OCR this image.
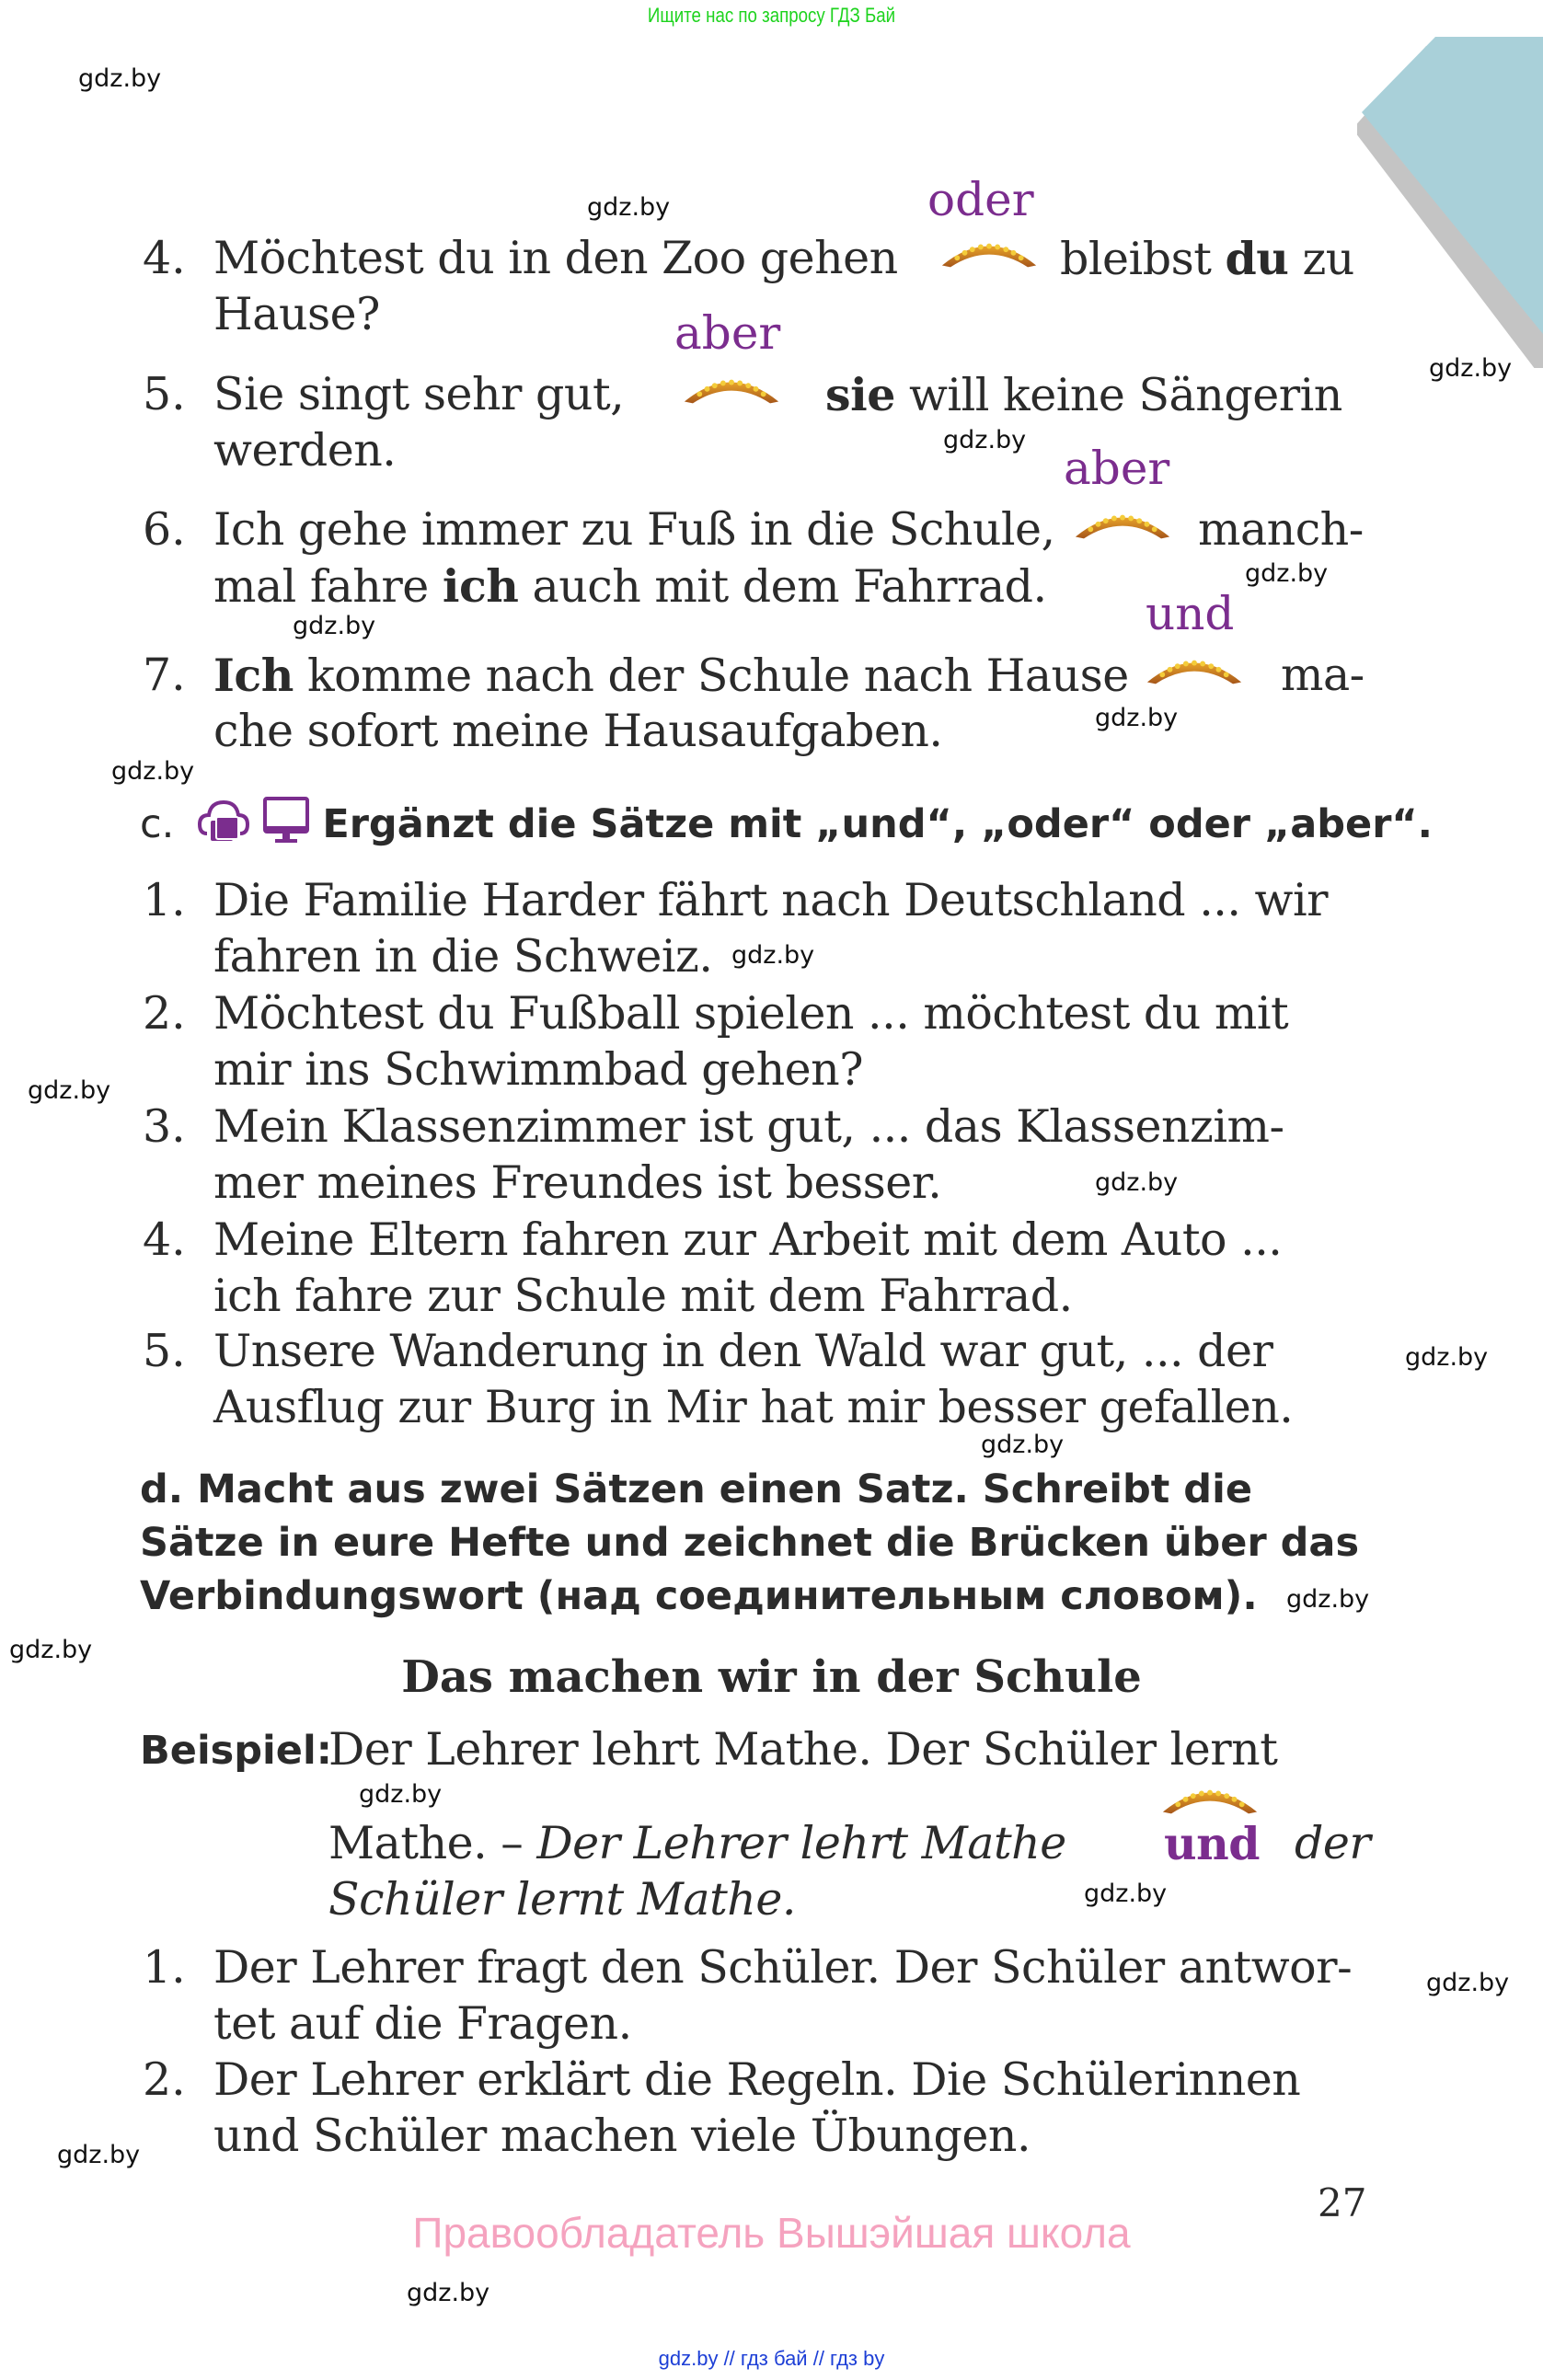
Ищите нас по запросу ГДЗ Бай
gdz.by
gdz.by
gdz.by
gdz.by
gdz.by
gdz.by
gdz.by
gdz.by
gdz.by
gdz.by
gdz.by
gdz.by
gdz.by
gdz.by
gdz.by
gdz.by
gdz.by
gdz.by
gdz.by
gdz.by
oder
4. Möchtest du in den Zoo gehen	bleibst du zu
Hause?	aber
5. Sie singt sehr gut,	sie will keine Sängerin
werden.	aber
6. Ich gehe immer zu Fuß in die Schule,	manch-
mal fahre ich auch mit dem Fahrrad.
und
7. Ich komme nach der Schule nach Hause	ma-
che sofort meine Hausaufgaben.
c.	Ergänzt die Sätze mit „und“, „oder“ oder „aber“.
1. Die Familie Harder fährt nach Deutschland ... wir
fahren in die Schweiz.
2. Möchtest du Fußball spielen ... möchtest du mit
mir ins Schwimmbad gehen?
3. Mein Klassenzimmer ist gut, ... das Klassenzim-
mer meines Freundes ist besser.
4. Meine Eltern fahren zur Arbeit mit dem Auto ...
ich fahre zur Schule mit dem Fahrrad.
5. Unsere Wanderung in den Wald war gut, ... der
Ausflug zur Burg in Mir hat mir besser gefallen.
d. Macht aus zwei Sätzen einen Satz. Schreibt die
Sätze in eure Hefte und zeichnet die Brücken über das
Verbindungswort (над соединительным словом).
Das machen wir in der Schule
Beispiel:
Der Lehrer lehrt Mathe. Der Schüler lernt
Mathe. – Der Lehrer lehrt Mathe und der
Schüler lernt Mathe.
1. Der Lehrer fragt den Schüler. Der Schüler antwor-
tet auf die Fragen.
2. Der Lehrer erklärt die Regeln. Die Schülerinnen
und Schüler machen viele Übungen.
27
Правообладатель Вышэйшая школа
gdz.by // гдз бай // гдз by
